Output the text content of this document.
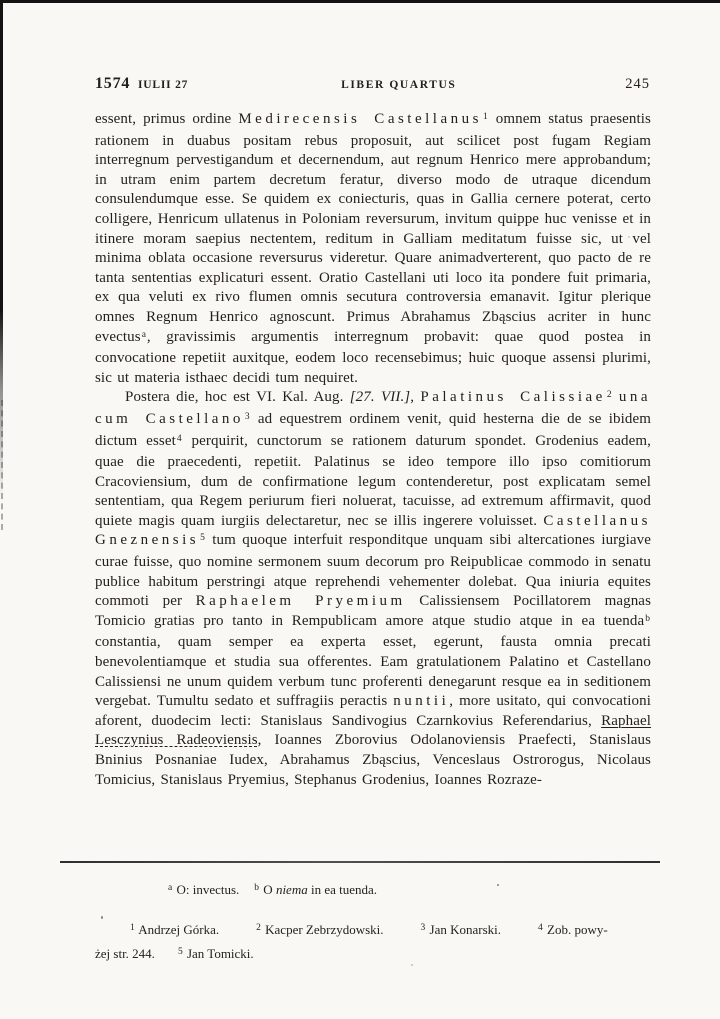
1574 IULII 27	LIBER QUARTUS	245

essent, primus ordine Medirecensis Castellanus$^1$ omnem status praesentis rationem in duabus positam rebus proposuit, aut scilicet post fugam Regiam interregnum pervestigandum et decernendum, aut regnum Henrico mere approbandum; in utram enim partem decretum feratur, diverso modo de utraque dicendum consulendumque esse. Se quidem ex coniecturis, quas in Gallia cernere poterat, certo colligere, Henricum ullatenus in Poloniam reversurum, invitum quippe huc venisse et in itinere moram saepius nectentem, reditum in Galliam meditatum fuisse sic, ut vel minima oblata occasione reversurus videretur. Quare animadverterent, quo pacto de re tanta sententias explicaturi essent. Oratio Castellani uti loco ita pondere fuit primaria, ex qua veluti ex rivo flumen omnis secutura controversia emanavit. Igitur plerique omnes Regnum Henrico agnoscunt. Primus Abrahamus Zbąscius acriter in hunc evectus$^a$, gravissimis argumentis interregnum probavit: quae quod postea in convocatione repetiit auxitque, eodem loco recensebimus; huic quoque assensi plurimi, sic ut materia isthaec decidi tum nequiret.

Postera die, hoc est VI. Kal. Aug. [27. VII.], Palatinus Calissiae$^2$ una cum Castellano$^3$ ad equestrem ordinem venit, quid hesterna die de se ibidem dictum esset$^4$ perquirit, cunctorum se rationem daturum spondet. Grodenius eadem, quae die praecedenti, repetiit. Palatinus se ideo tempore illo ipso comitiorum Cracoviensium, dum de confirmatione legum contenderetur, post explicatam semel sententiam, qua Regem periurum fieri noluerat, tacuisse, ad extremum affirmavit, quod quiete magis quam iurgiis delectaretur, nec se illis ingerere voluisset. Castellanus Gneznensis$^5$ tum quoque interfuit responditque unquam sibi altercationes iurgiave curae fuisse, quo nomine sermonem suum decorum pro Reipublicae commodo in senatu publice habitum perstringi atque reprehendi vehementer dolebat. Qua iniuria equites commoti per Raphaelem Pryemium Calissiensem Pocillatorem magnas Tomicio gratias pro tanto in Rempublicam amore atque studio atque in ea tuenda$^b$ constantia, quam semper ea experta esset, egerunt, fausta omnia precati benevolentiamque et studia sua offerentes. Eam gratulationem Palatino et Castellano Calissiensi ne unum quidem verbum tunc proferenti denegarunt resque ea in seditionem vergebat. Tumultu sedato et suffragiis peractis nuntii, more usitato, qui convocationi aforent, duodecim lecti: Stanislaus Sandivogius Czarnkovius Referendarius, Raphael Lesczynius Radeoviensis, Ioannes Zborovius Odolanoviensis Praefecti, Stanislaus Bninius Posnaniae Iudex, Abrahamus Zbąscius, Venceslaus Ostrorogus, Nicolaus Tomicius, Stanislaus Pryemius, Stephanus Grodenius, Ioannes Rozraze-

$^a$ O: invectus. $^b$ O niema in ea tuenda.
$^1$ Andrzej Górka.	$^2$ Kacper Zebrzydowski.	$^3$ Jan Konarski.	$^4$ Zob. powy-
żej str. 244. $^5$ Jan Tomicki.
